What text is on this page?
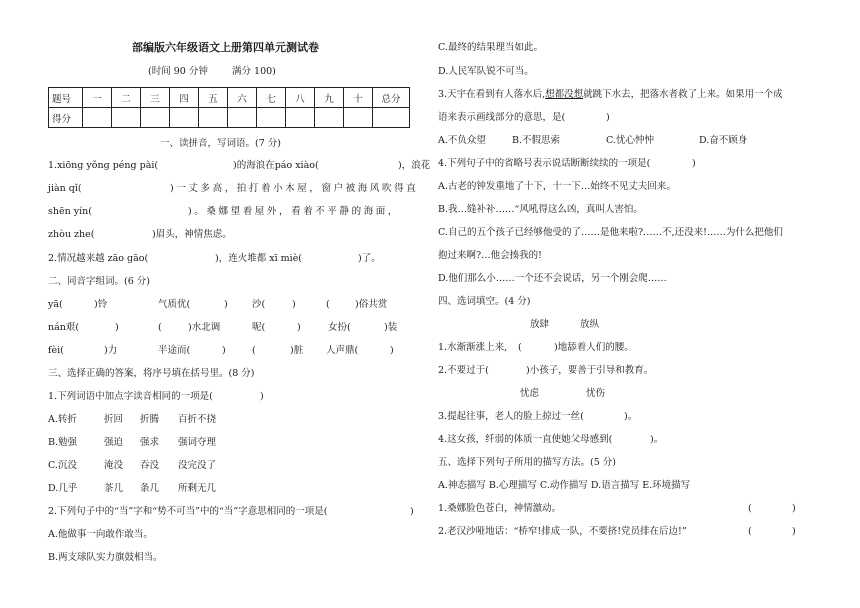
部编版六年级语文上册第四单元测试卷
(时间 90 分钟	满分 100)
题号	一	二	三	四	五	六	七	八	九	十	总分
得分											
一、读拼音，写词语。(7 分)
1.xiōng yǒng péng pài(	)的海浪在páo xiào(	)，浪花
jiàn qǐ(	)一丈多高，拍打着小木屋，窗户被海风吹得直
shēn yín(	)。桑娜望着屋外，看着不平静的海面，
zhòu zhe(	)眉头，神情焦虑。
2.情况越来越 zāo gāo(	)，连火堆都 xī miè(	)了。
二、同音字组词。(6 分)
yā(	)铃	气质优(	)	沙(	)	(	)俗共赏
nán艰(	)	(	)水北调	呢(	)	女扮(	)装
fèi(	)力	半途而(	)	(	)脏 人声鼎(	)
三、选择正确的答案，将序号填在括号里。(8 分)
1.下列词语中加点字读音相同的一项是(	)
A.转折	折回 折腾 百折不挠
B.勉强	强迫 强求 强词夺理
C.沉没	淹没 吞没 没完没了
D.几乎	茶几 条几 所剩无几
2.下列句子中的“当”字和“势不可当”中的“当”字意思相同的一项是(	)
A.他做事一向敢作敢当。
B.两支球队实力旗鼓相当。
C.最终的结果理当如此。
D.人民军队锐不可当。
3.天宇在看到有人落水后,想都没想就跳下水去，把落水者救了上来。如果用一个成
语来表示画线部分的意思，是(	)
A.不负众望	B.不假思索	C.忧心忡忡	D.奋不顾身
4.下列句子中的省略号表示说话断断续续的一项是(	)
A.古老的钟发重地了十下，十一下…始终不见丈夫回来。
B.我…缝补补……“风吼得这么凶，真叫人害怕。
C.自己的五个孩子已经够他受的了……是他来啦?……不,还没来!……为什么把他们
抱过来啊?…他会揍我的!
D.他们那么小……一个还不会说话，另一个刚会爬……
四、选词填空。(4 分)
放肆	放纵
1.水渐渐涨上来, (	)地舔着人们的腰。
2.不要过于(	)小孩子，要善于引导和教育。
忧虑	忧伤
3.提起往事，老人的脸上掠过一丝(	)。
4.这女孩，纤弱的体质一直使她父母感到(	)。
五、选择下列句子所用的描写方法。(5 分)
A.神态描写 B.心理描写 C.动作描写 D.语言描写 E.环境描写
1.桑娜脸色苍白，神情激动。	(	)
2.老汉沙哑地话：“桥窄!排成一队，不要挤!党员排在后边!”	(	)
